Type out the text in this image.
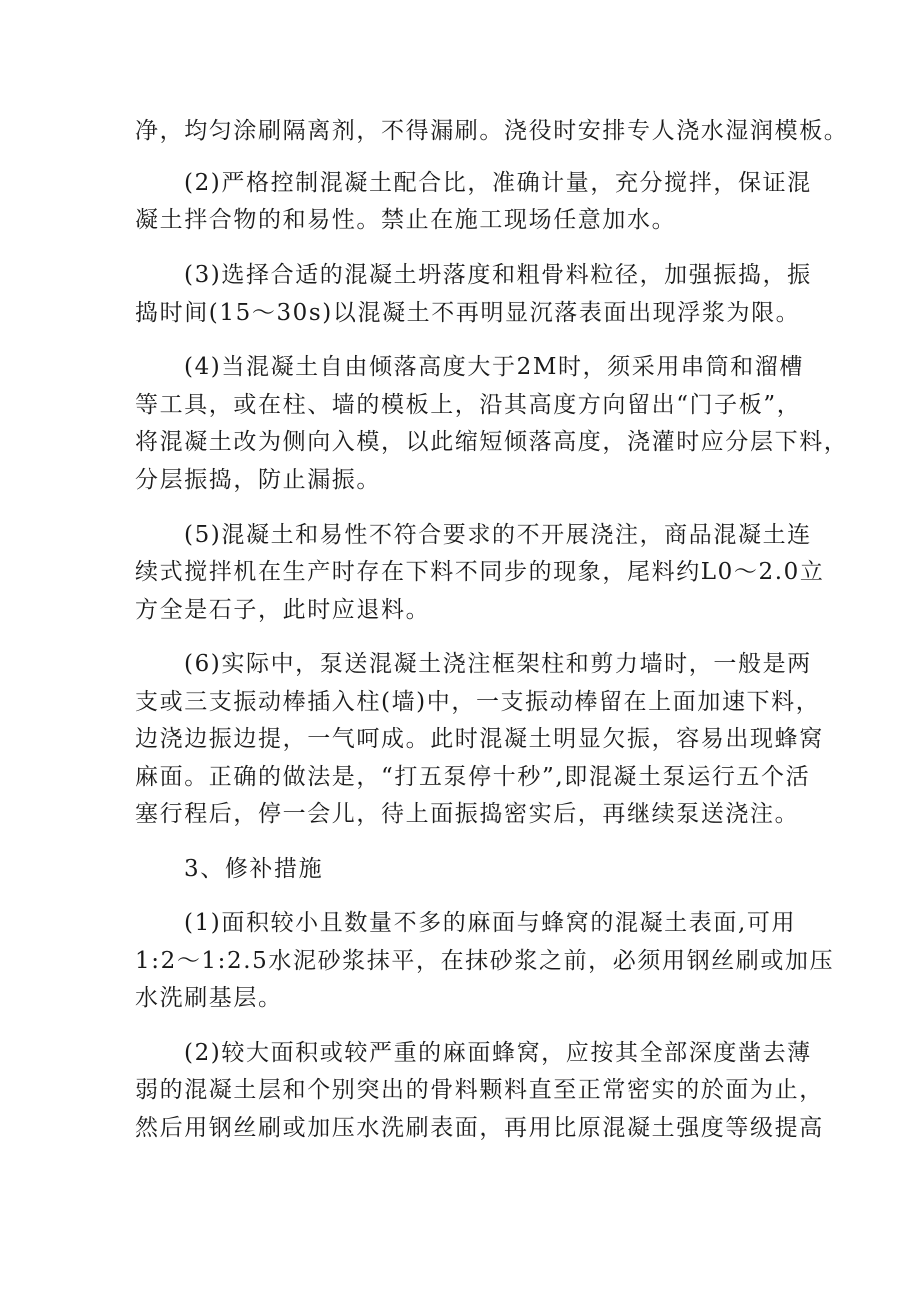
净，均匀涂刷隔离剂，不得漏刷。浇役时安排专人浇水湿润模板。
(2)严格控制混凝土配合比，准确计量，充分搅拌，保证混
凝土拌合物的和易性。禁止在施工现场任意加水。
(3)选择合适的混凝土坍落度和粗骨料粒径，加强振捣，振
捣时间(15～30s)以混凝土不再明显沉落表面出现浮浆为限。
(4)当混凝土自由倾落高度大于2M时，须采用串筒和溜槽
等工具，或在柱、墙的模板上，沿其高度方向留出“门子板”，
将混凝土改为侧向入模，以此缩短倾落高度，浇灌时应分层下料，
分层振捣，防止漏振。
(5)混凝土和易性不符合要求的不开展浇注，商品混凝土连
续式搅拌机在生产时存在下料不同步的现象，尾料约L0～2.0立
方全是石子，此时应退料。
(6)实际中，泵送混凝土浇注框架柱和剪力墙时，一般是两
支或三支振动棒插入柱(墙)中，一支振动棒留在上面加速下料，
边浇边振边提，一气呵成。此时混凝土明显欠振，容易出现蜂窝
麻面。正确的做法是，“打五泵停十秒”,即混凝土泵运行五个活
塞行程后，停一会儿，待上面振捣密实后，再继续泵送浇注。
3、修补措施
(1)面积较小且数量不多的麻面与蜂窝的混凝土表面,可用
1:2～1:2.5水泥砂浆抹平，在抹砂浆之前，必须用钢丝刷或加压
水洗刷基层。
(2)较大面积或较严重的麻面蜂窝，应按其全部深度凿去薄
弱的混凝土层和个别突出的骨料颗料直至正常密实的於面为止，
然后用钢丝刷或加压水洗刷表面，再用比原混凝土强度等级提高
